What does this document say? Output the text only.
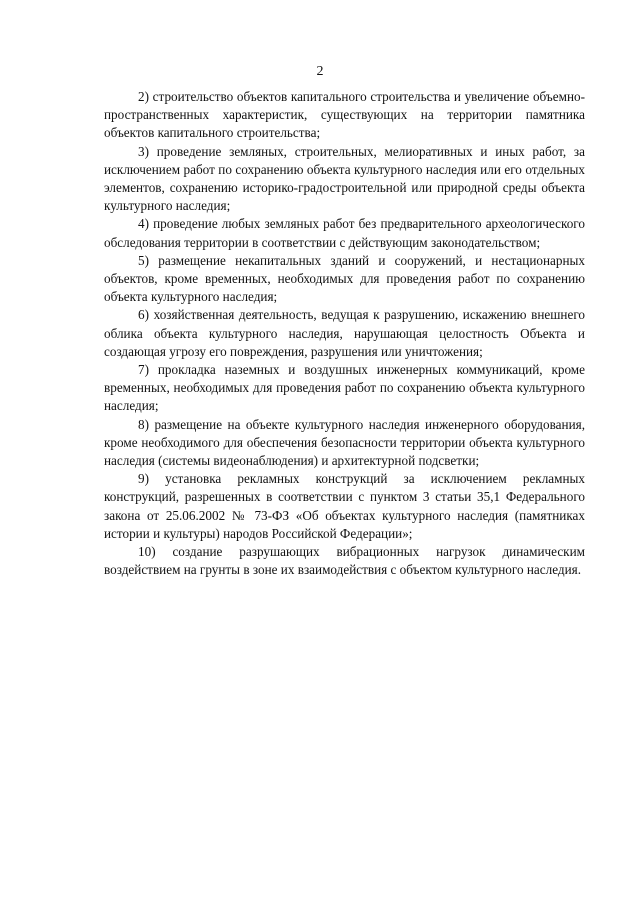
2

2) строительство объектов капитального строительства и увеличение объемно-пространственных характеристик, существующих на территории памятника объектов капитального строительства;

3) проведение земляных, строительных, мелиоративных и иных работ, за исключением работ по сохранению объекта культурного наследия или его отдельных элементов, сохранению историко-градостроительной или природной среды объекта культурного наследия;

4) проведение любых земляных работ без предварительного археологического обследования территории в соответствии с действующим законодательством;

5) размещение некапитальных зданий и сооружений, и нестационарных объектов, кроме временных, необходимых для проведения работ по сохранению объекта культурного наследия;

6) хозяйственная деятельность, ведущая к разрушению, искажению внешнего облика объекта культурного наследия, нарушающая целостность Объекта и создающая угрозу его повреждения, разрушения или уничтожения;

7) прокладка наземных и воздушных инженерных коммуникаций, кроме временных, необходимых для проведения работ по сохранению объекта культурного наследия;

8) размещение на объекте культурного наследия инженерного оборудования, кроме необходимого для обеспечения безопасности территории объекта культурного наследия (системы видеонаблюдения) и архитектурной подсветки;

9) установка рекламных конструкций за исключением рекламных конструкций, разрешенных в соответствии с пунктом 3 статьи 35,1 Федерального закона от 25.06.2002 № 73-ФЗ «Об объектах культурного наследия (памятниках истории и культуры) народов Российской Федерации»;

10) создание разрушающих вибрационных нагрузок динамическим воздействием на грунты в зоне их взаимодействия с объектом культурного наследия.
